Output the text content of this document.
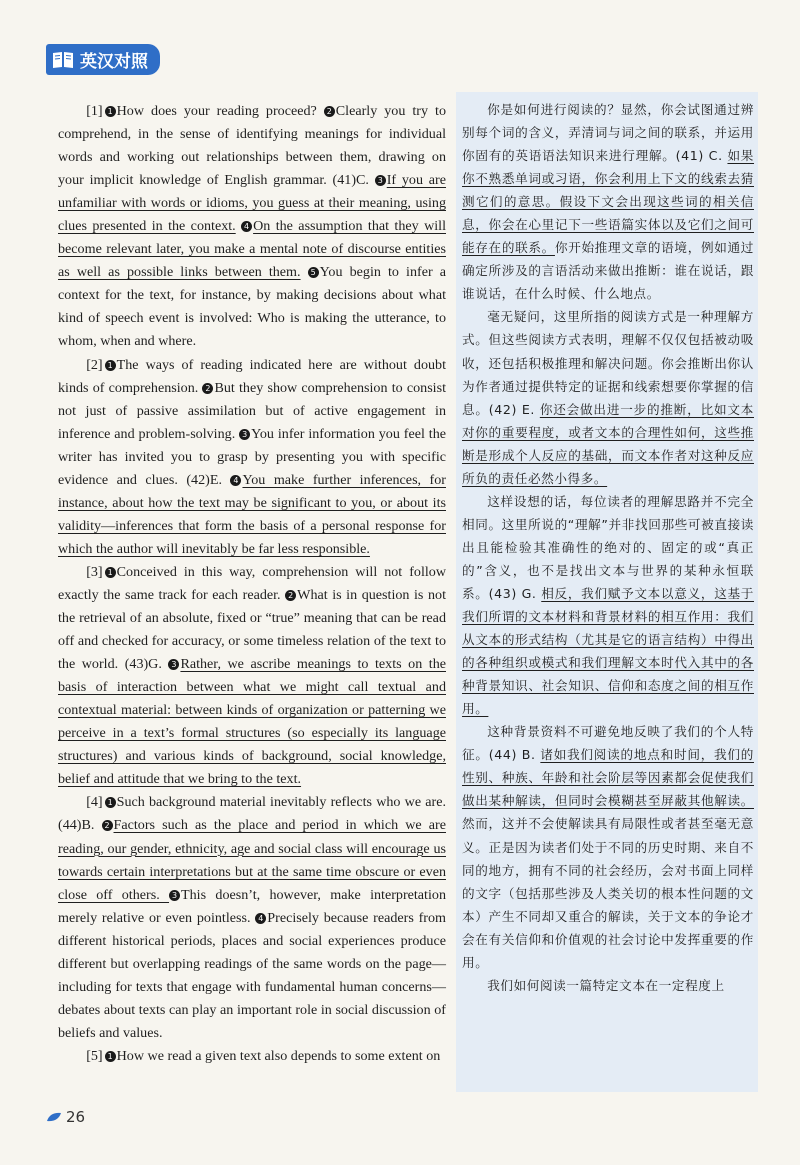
英汉对照

[1] 1 How does your reading proceed? 2 Clearly you try to comprehend, in the sense of identifying meanings for individual words and working out relationships between them, drawing on your implicit knowledge of English grammar. (41)C. 3 If you are unfamiliar with words or idioms, you guess at their meaning, using clues presented in the context. 4 On the assumption that they will become relevant later, you make a mental note of discourse entities as well as possible links between them. 5 You begin to infer a context for the text, for instance, by making decisions about what kind of speech event is involved: Who is making the utterance, to whom, when and where.

[2] 1 The ways of reading indicated here are without doubt kinds of comprehension. 2 But they show comprehension to consist not just of passive assimilation but of active engagement in inference and problem-solving. 3 You infer information you feel the writer has invited you to grasp by presenting you with specific evidence and clues. (42)E. 4 You make further inferences, for instance, about how the text may be significant to you, or about its validity—inferences that form the basis of a personal response for which the author will inevitably be far less responsible.

[3] 1 Conceived in this way, comprehension will not follow exactly the same track for each reader. 2 What is in question is not the retrieval of an absolute, fixed or “true” meaning that can be read off and checked for accuracy, or some timeless relation of the text to the world. (43)G. 3 Rather, we ascribe meanings to texts on the basis of interaction between what we might call textual and contextual material: between kinds of organization or patterning we perceive in a text’s formal structures (so especially its language structures) and various kinds of background, social knowledge, belief and attitude that we bring to the text.

[4] 1 Such background material inevitably reflects who we are. (44)B. 2 Factors such as the place and period in which we are reading, our gender, ethnicity, age and social class will encourage us towards certain interpretations but at the same time obscure or even close off others. 3 This doesn’t, however, make interpretation merely relative or even pointless. 4 Precisely because readers from different historical periods, places and social experiences produce different but overlapping readings of the same words on the page—including for texts that engage with fundamental human concerns—debates about texts can play an important role in social discussion of beliefs and values.

[5] 1 How we read a given text also depends to some extent on

你是如何进行阅读的？显然，你会试图通过辨别每个词的含义，弄清词与词之间的联系，并运用你固有的英语语法知识来进行理解。(41) C. 如果你不熟悉单词或习语，你会利用上下文的线索去猜测它们的意思。假设下文会出现这些词的相关信息，你会在心里记下一些语篇实体以及它们之间可能存在的联系。你开始推理文章的语境，例如通过确定所涉及的言语活动来做出推断：谁在说话，跟谁说话，在什么时候、什么地点。

毫无疑问，这里所指的阅读方式是一种理解方式。但这些阅读方式表明，理解不仅仅包括被动吸收，还包括积极推理和解决问题。你会推断出你认为作者通过提供特定的证据和线索想要你掌握的信息。(42) E. 你还会做出进一步的推断，比如文本对你的重要程度，或者文本的合理性如何，这些推断是形成个人反应的基础，而文本作者对这种反应所负的责任必然小得多。

这样设想的话，每位读者的理解思路并不完全相同。这里所说的“理解”并非找回那些可被直接读出且能检验其准确性的绝对的、固定的或“真正的”含义，也不是找出文本与世界的某种永恒联系。(43) G. 相反，我们赋予文本以意义，这基于我们所谓的文本材料和背景材料的相互作用：我们从文本的形式结构（尤其是它的语言结构）中得出的各种组织或模式和我们理解文本时代入其中的各种背景知识、社会知识、信仰和态度之间的相互作用。

这种背景资料不可避免地反映了我们的个人特征。(44) B. 诸如我们阅读的地点和时间，我们的性别、种族、年龄和社会阶层等因素都会促使我们做出某种解读，但同时会模糊甚至屏蔽其他解读。然而，这并不会使解读具有局限性或者甚至毫无意义。正是因为读者们处于不同的历史时期、来自不同的地方，拥有不同的社会经历，会对书面上同样的文字（包括那些涉及人类关切的根本性问题的文本）产生不同却又重合的解读，关于文本的争论才会在有关信仰和价值观的社会讨论中发挥重要的作用。

我们如何阅读一篇特定文本在一定程度上

26
